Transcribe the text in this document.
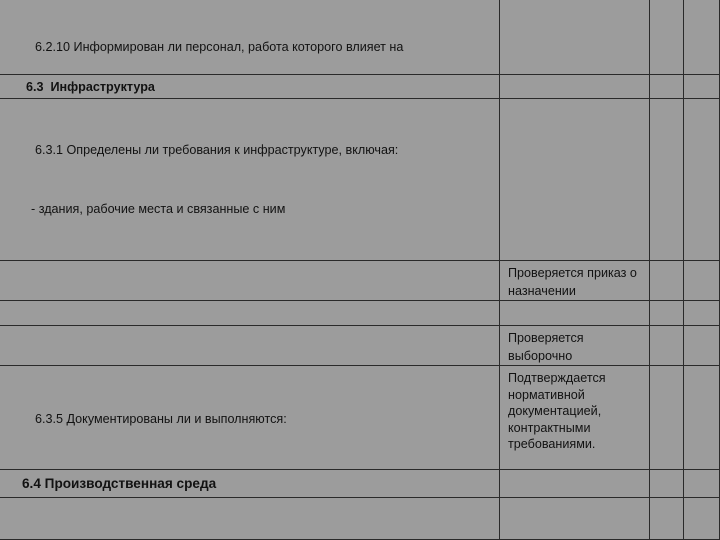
6.2.10 Информирован ли персонал, работа которого влияет на

6.3  Инфраструктура

6.3.1 Определены ли требования к инфраструктуре, включая:

- здания, рабочие места и связанные с ним

Проверяется приказ о назначении

Проверяется выборочно

6.3.5 Документированы ли и выполняются:

Подтверждается нормативной документацией, контрактными требованиями.
6.4 Производственная среда
